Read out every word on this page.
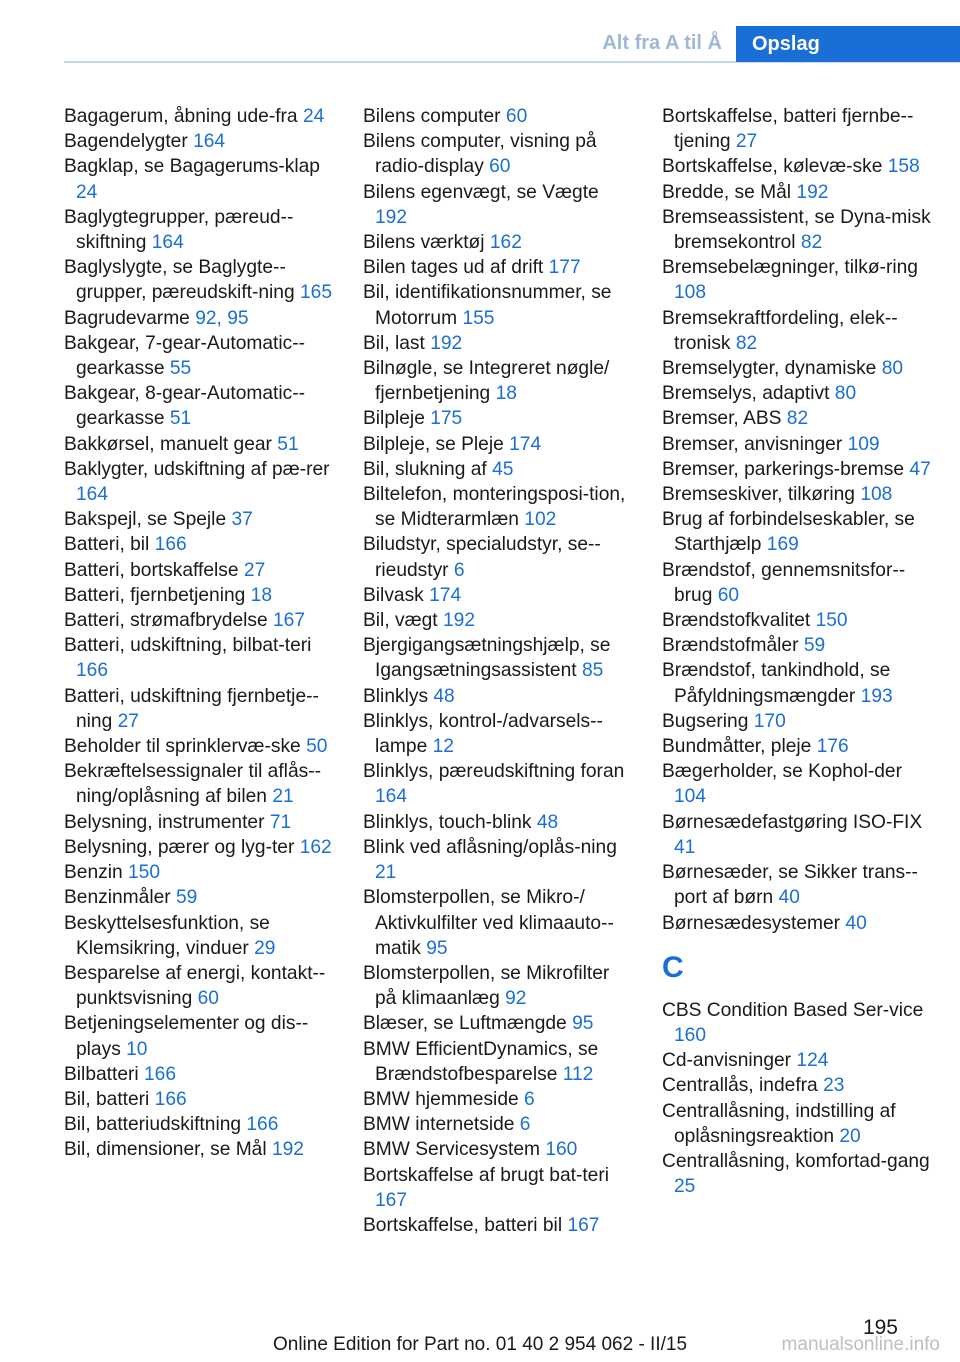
Alt fra A til Å	Opslag

Bagagerum, åbning ude-fra 24

Bagendelygter 164

Bagklap, se Bagagerums-klap 24

Baglygtegrupper, pæreud-skiftning 164

Baglyslygte, se Baglygte-grupper, pæreudskift-ning 165

Bagrudevarme 92, 95

Bakgear, 7-gear-Automatic-gearkasse 55

Bakgear, 8-gear-Automatic-gearkasse 51

Bakkørsel, manuelt gear 51

Baklygter, udskiftning af pæ-rer 164

Bakspejl, se Spejle 37

Batteri, bil 166

Batteri, bortskaffelse 27

Batteri, fjernbetjening 18

Batteri, strømafbrydelse 167

Batteri, udskiftning, bilbat-teri 166

Batteri, udskiftning fjernbetje-ning 27

Beholder til sprinklervæ-ske 50

Bekræftelsessignaler til aflås-ning/oplåsning af bilen 21

Belysning, instrumenter 71

Belysning, pærer og lyg-ter 162

Benzin 150

Benzinmåler 59

Beskyttelsesfunktion, se Klemsikring, vinduer 29

Besparelse af energi, kontakt-punktsvisning 60

Betjeningselementer og dis-plays 10

Bilbatteri 166

Bil, batteri 166

Bil, batteriudskiftning 166

Bil, dimensioner, se Mål 192

Bilens computer 60

Bilens computer, visning på radio-display 60

Bilens egenvægt, se Vægte 192

Bilens værktøj 162

Bilen tages ud af drift 177

Bil, identifikationsnummer, se Motorrum 155

Bil, last 192

Bilnøgle, se Integreret nøgle/​fjernbetjening 18

Bilpleje 175

Bilpleje, se Pleje 174

Bil, slukning af 45

Biltelefon, monteringsposi-tion, se Midterarmlæn 102

Biludstyr, specialudstyr, se-rieudstyr 6

Bilvask 174

Bil, vægt 192

Bjergigangsætningshjælp, se Igangsætningsassistent 85

Blinklys 48

Blinklys, kontrol-/advarsels-lampe 12

Blinklys, pæreudskiftning foran 164

Blinklys, touch-blink 48

Blink ved aflåsning/oplås-ning 21

Blomsterpollen, se Mikro-/​Aktivkulfilter ved klimaauto-matik 95

Blomsterpollen, se Mikrofilter på klimaanlæg 92

Blæser, se Luftmængde 95

BMW EfficientDynamics, se Brændstofbesparelse 112

BMW hjemmeside 6

BMW internetside 6

BMW Servicesystem 160

Bortskaffelse af brugt bat-teri 167

Bortskaffelse, batteri bil 167

Bortskaffelse, batteri fjernbe-tjening 27

Bortskaffelse, kølevæ-ske 158

Bredde, se Mål 192

Bremseassistent, se Dyna-misk bremsekontrol 82

Bremsebelægninger, tilkø-ring 108

Bremsekraftfordeling, elek-tronisk 82

Bremselygter, dynamiske 80

Bremselys, adaptivt 80

Bremser, ABS 82

Bremser, anvisninger 109

Bremser, parkerings-bremse 47

Bremseskiver, tilkøring 108

Brug af forbindelseskabler, se Starthjælp 169

Brændstof, gennemsnitsfor-brug 60

Brændstofkvalitet 150

Brændstofmåler 59

Brændstof, tankindhold, se Påfyldningsmængder 193

Bugsering 170

Bundmåtter, pleje 176

Bægerholder, se Kophol-der 104

Børnesædefastgøring ISO-FIX 41

Børnesæder, se Sikker trans-port af børn 40

Børnesædesystemer 40

C

CBS Condition Based Ser-vice 160

Cd-anvisninger 124

Centrallås, indefra 23

Centrallåsning, indstilling af oplåsningsreaktion 20

Centrallåsning, komfortad-gang 25

195
Online Edition for Part no. 01 40 2 954 062 - II/15	manualsonline.info
